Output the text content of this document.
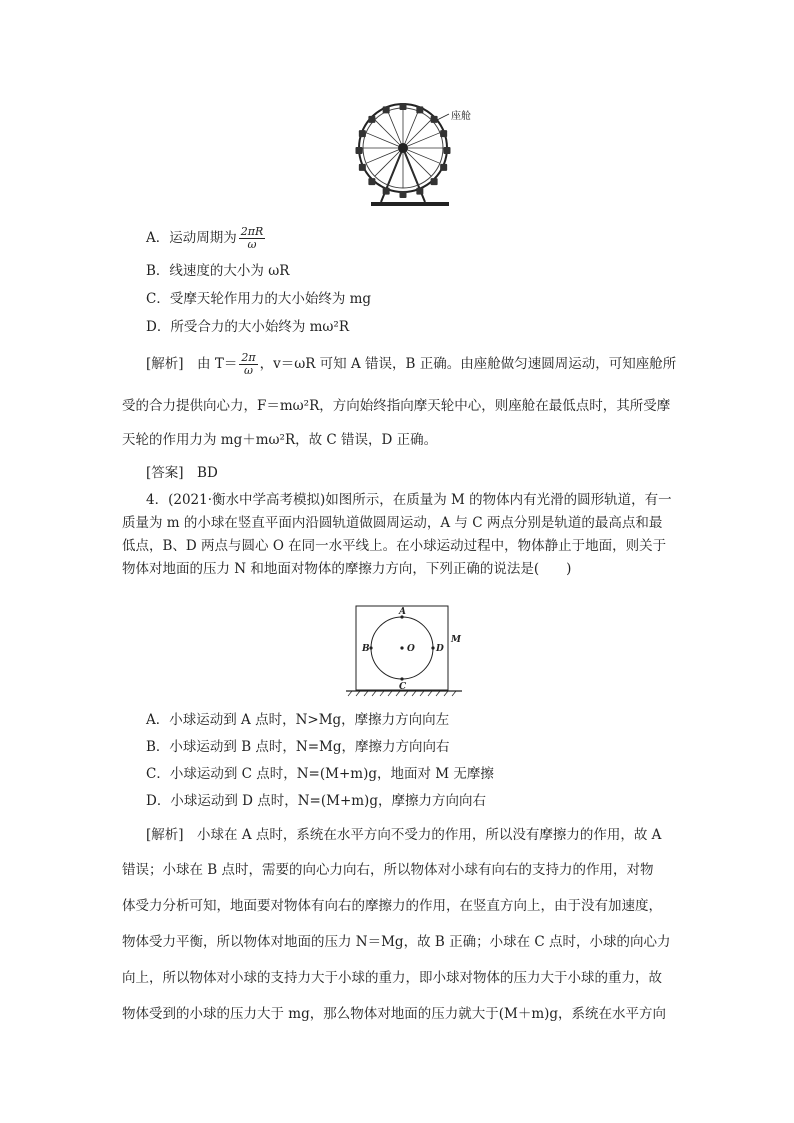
座舱
A．运动周期为 $\frac{2\pi R}{\omega}$
B．线速度的大小为 ωR
C．受摩天轮作用力的大小始终为 mg
D．所受合力的大小始终为 mω²R
[解析]　 由 $T= \frac{2\pi}{\omega}$ ，v＝ωR 可知 A 错误，B 正确。由座舱做匀速圆周运动，可知座舱所
受的合力提供向心力，F＝mω²R，方向始终指向摩天轮中心，则座舱在最低点时，其所受摩
天轮的作用力为 mg＋mω²R，故 C 错误，D 正确。
[答案]　 BD
4．(2021·衡水中学高考模拟)如图所示，在质量为 M 的物体内有光滑的圆形轨道，有一
质量为 m 的小球在竖直平面内沿圆轨道做圆周运动，A 与 C 两点分别是轨道的最高点和最
低点，B、D 两点与圆心 O 在同一水平线上。在小球运动过程中，物体静止于地面，则关于
物体对地面的压力 N 和地面对物体的摩擦力方向，下列正确的说法是(　　)
A
C
B	D
O
M
A．小球运动到 A 点时，N>Mg，摩擦力方向向左
B．小球运动到 B 点时，N=Mg，摩擦力方向向右
C．小球运动到 C 点时，N=(M+m)g，地面对 M 无摩擦
D．小球运动到 D 点时，N=(M+m)g，摩擦力方向向右
[解析]　小球在 A 点时，系统在水平方向不受力的作用，所以没有摩擦力的作用，故 A
错误；小球在 B 点时，需要的向心力向右，所以物体对小球有向右的支持力的作用，对物
体受力分析可知，地面要对物体有向右的摩擦力的作用，在竖直方向上，由于没有加速度，
物体受力平衡，所以物体对地面的压力 N＝Mg，故 B 正确；小球在 C 点时，小球的向心力
向上，所以物体对小球的支持力大于小球的重力，即小球对物体的压力大于小球的重力，故
物体受到的小球的压力大于 mg，那么物体对地面的压力就大于(M＋m)g，系统在水平方向
